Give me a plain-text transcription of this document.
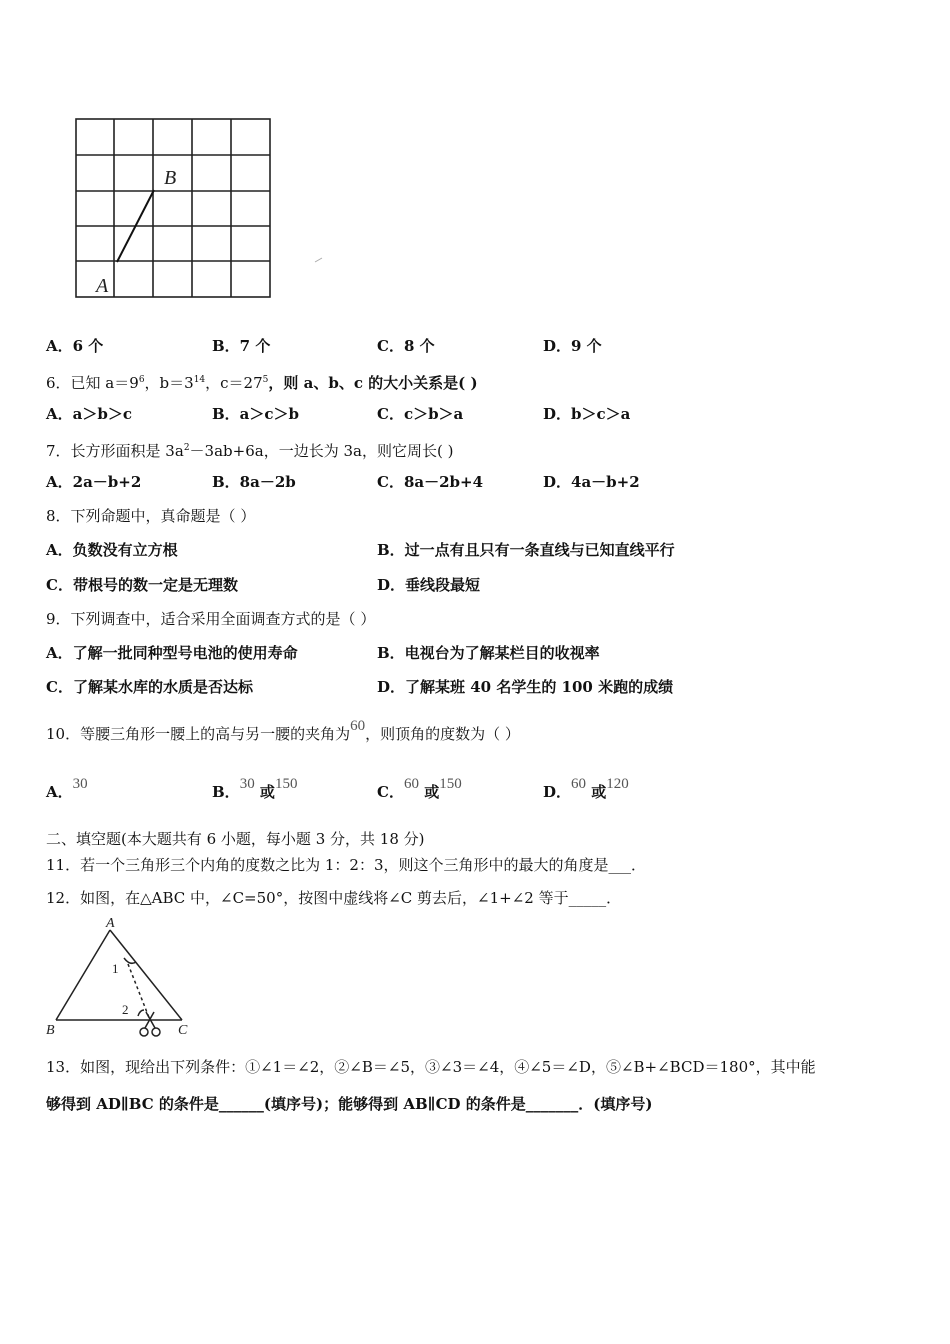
B
A
A．6 个	B．7 个	C．8 个	D．9 个
6．已知 $a=9^6$，$b=3^{14}$，$c=27^5$，则 a、b、c 的大小关系是( )
A．a＞b＞c	B．a＞c＞b	C．c＞b＞a	D．b＞c＞a
7．长方形面积是 $3a^2-3ab+6a$，一边长为 3a，则它周长( )
A．2a－b+2	B．8a－2b	C．8a－2b+4	D．4a－b+2
8．下列命题中，真命题是（ ）
A．负数没有立方根	B．过一点有且只有一条直线与已知直线平行
C．带根号的数一定是无理数	D．垂线段最短
9．下列调查中，适合采用全面调查方式的是（ ）
A．了解一批同种型号电池的使用寿命	B．电视台为了解某栏目的收视率
C．了解某水库的水质是否达标	D．了解某班 40 名学生的 100 米跑的成绩
10．等腰三角形一腰上的高与另一腰的夹角为60，则顶角的度数为（ ）
A．30	B．30 或150	C．60 或150	D．60 或120
二、填空题(本大题共有 6 小题，每小题 3 分，共 18 分)
11．若一个三角形三个内角的度数之比为 1：2：3，则这个三角形中的最大的角度是___．
12．如图，在△ABC 中，∠C=50°，按图中虚线将∠C 剪去后，∠1+∠2 等于_____．
A
B	C
1
2
13．如图，现给出下列条件：①∠1＝∠2，②∠B＝∠5，③∠3＝∠4，④∠5＝∠D，⑤∠B+∠BCD＝180°，其中能
够得到 AD∥BC 的条件是______(填序号)；能够得到 AB∥CD 的条件是_______．(填序号)
